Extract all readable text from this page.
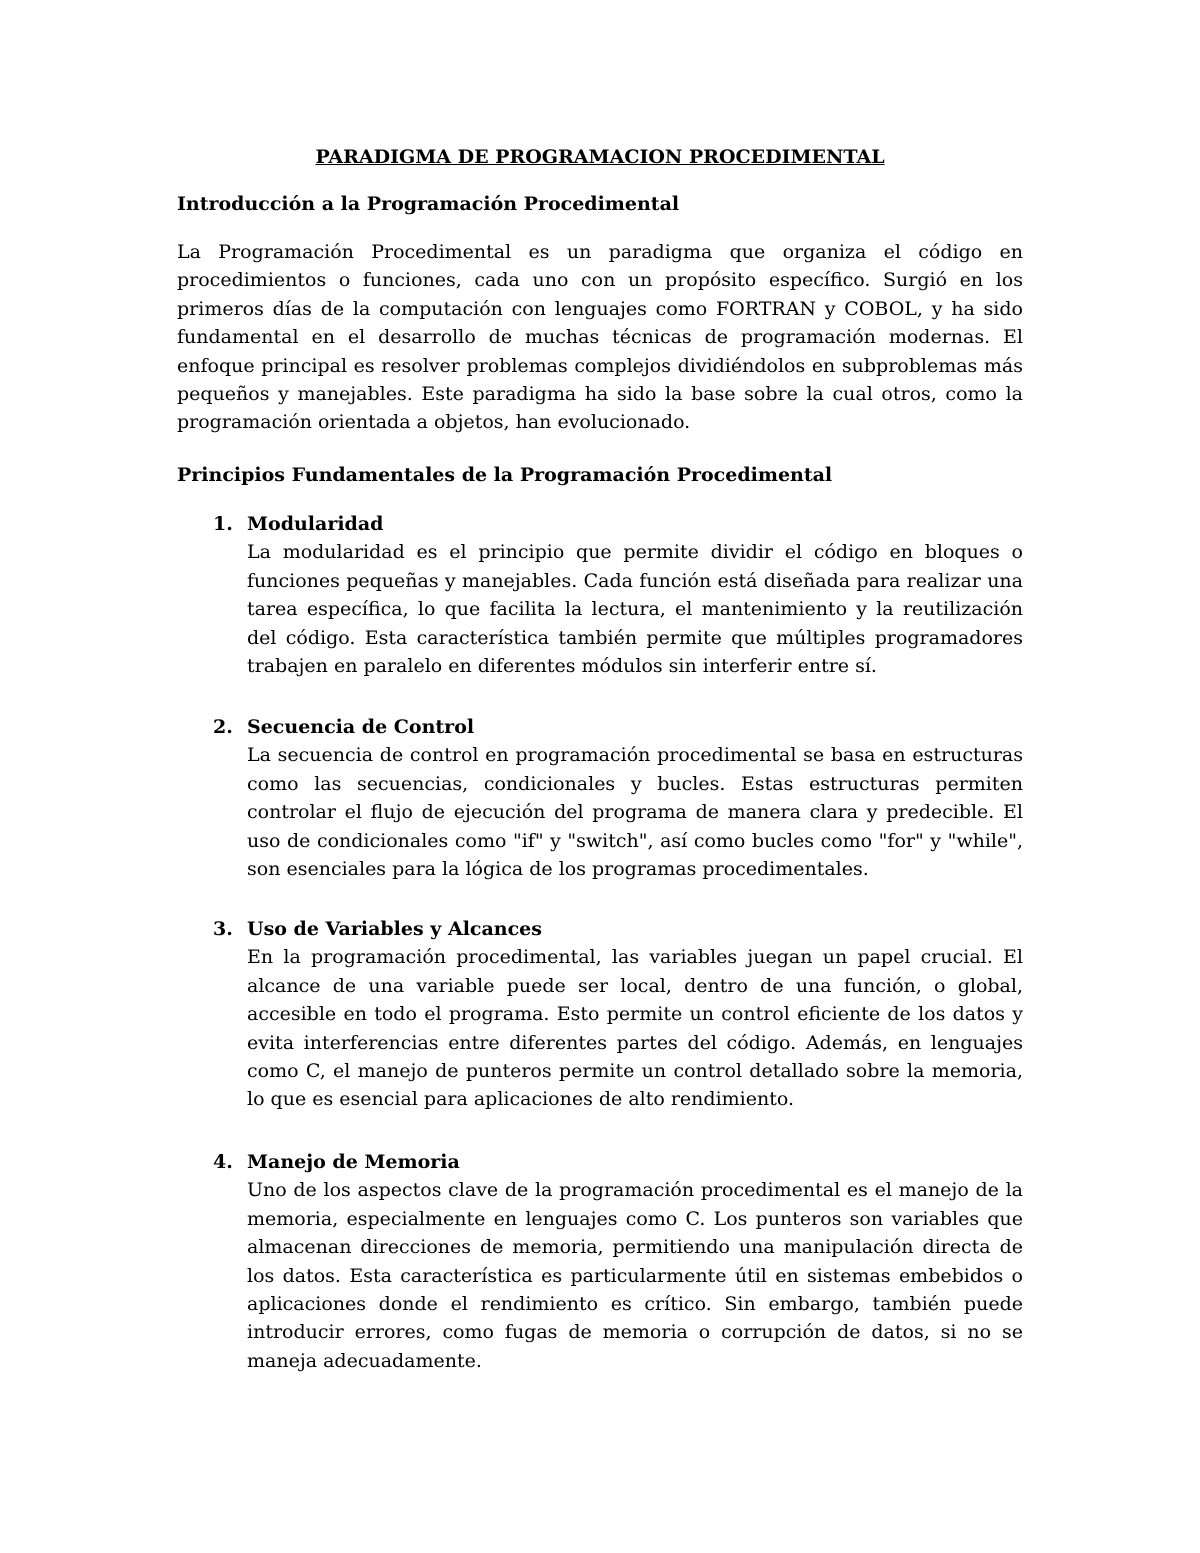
PARADIGMA DE PROGRAMACION PROCEDIMENTAL
Introducción a la Programación Procedimental

La Programación Procedimental es un paradigma que organiza el código en procedimientos o funciones, cada uno con un propósito específico. Surgió en los primeros días de la computación con lenguajes como FORTRAN y COBOL, y ha sido fundamental en el desarrollo de muchas técnicas de programación modernas. El enfoque principal es resolver problemas complejos dividiéndolos en subproblemas más pequeños y manejables. Este paradigma ha sido la base sobre la cual otros, como la programación orientada a objetos, han evolucionado.

Principios Fundamentales de la Programación Procedimental
1. Modularidad

La modularidad es el principio que permite dividir el código en bloques o funciones pequeñas y manejables. Cada función está diseñada para realizar una tarea específica, lo que facilita la lectura, el mantenimiento y la reutilización del código. Esta característica también permite que múltiples programadores trabajen en paralelo en diferentes módulos sin interferir entre sí.

2. Secuencia de Control

La secuencia de control en programación procedimental se basa en estructuras como las secuencias, condicionales y bucles. Estas estructuras permiten controlar el flujo de ejecución del programa de manera clara y predecible. El uso de condicionales como "if" y "switch", así como bucles como "for" y "while", son esenciales para la lógica de los programas procedimentales.

3. Uso de Variables y Alcances

En la programación procedimental, las variables juegan un papel crucial. El alcance de una variable puede ser local, dentro de una función, o global, accesible en todo el programa. Esto permite un control eficiente de los datos y evita interferencias entre diferentes partes del código. Además, en lenguajes como C, el manejo de punteros permite un control detallado sobre la memoria, lo que es esencial para aplicaciones de alto rendimiento.

4. Manejo de Memoria

Uno de los aspectos clave de la programación procedimental es el manejo de la memoria, especialmente en lenguajes como C. Los punteros son variables que almacenan direcciones de memoria, permitiendo una manipulación directa de los datos. Esta característica es particularmente útil en sistemas embebidos o aplicaciones donde el rendimiento es crítico. Sin embargo, también puede introducir errores, como fugas de memoria o corrupción de datos, si no se maneja adecuadamente.
